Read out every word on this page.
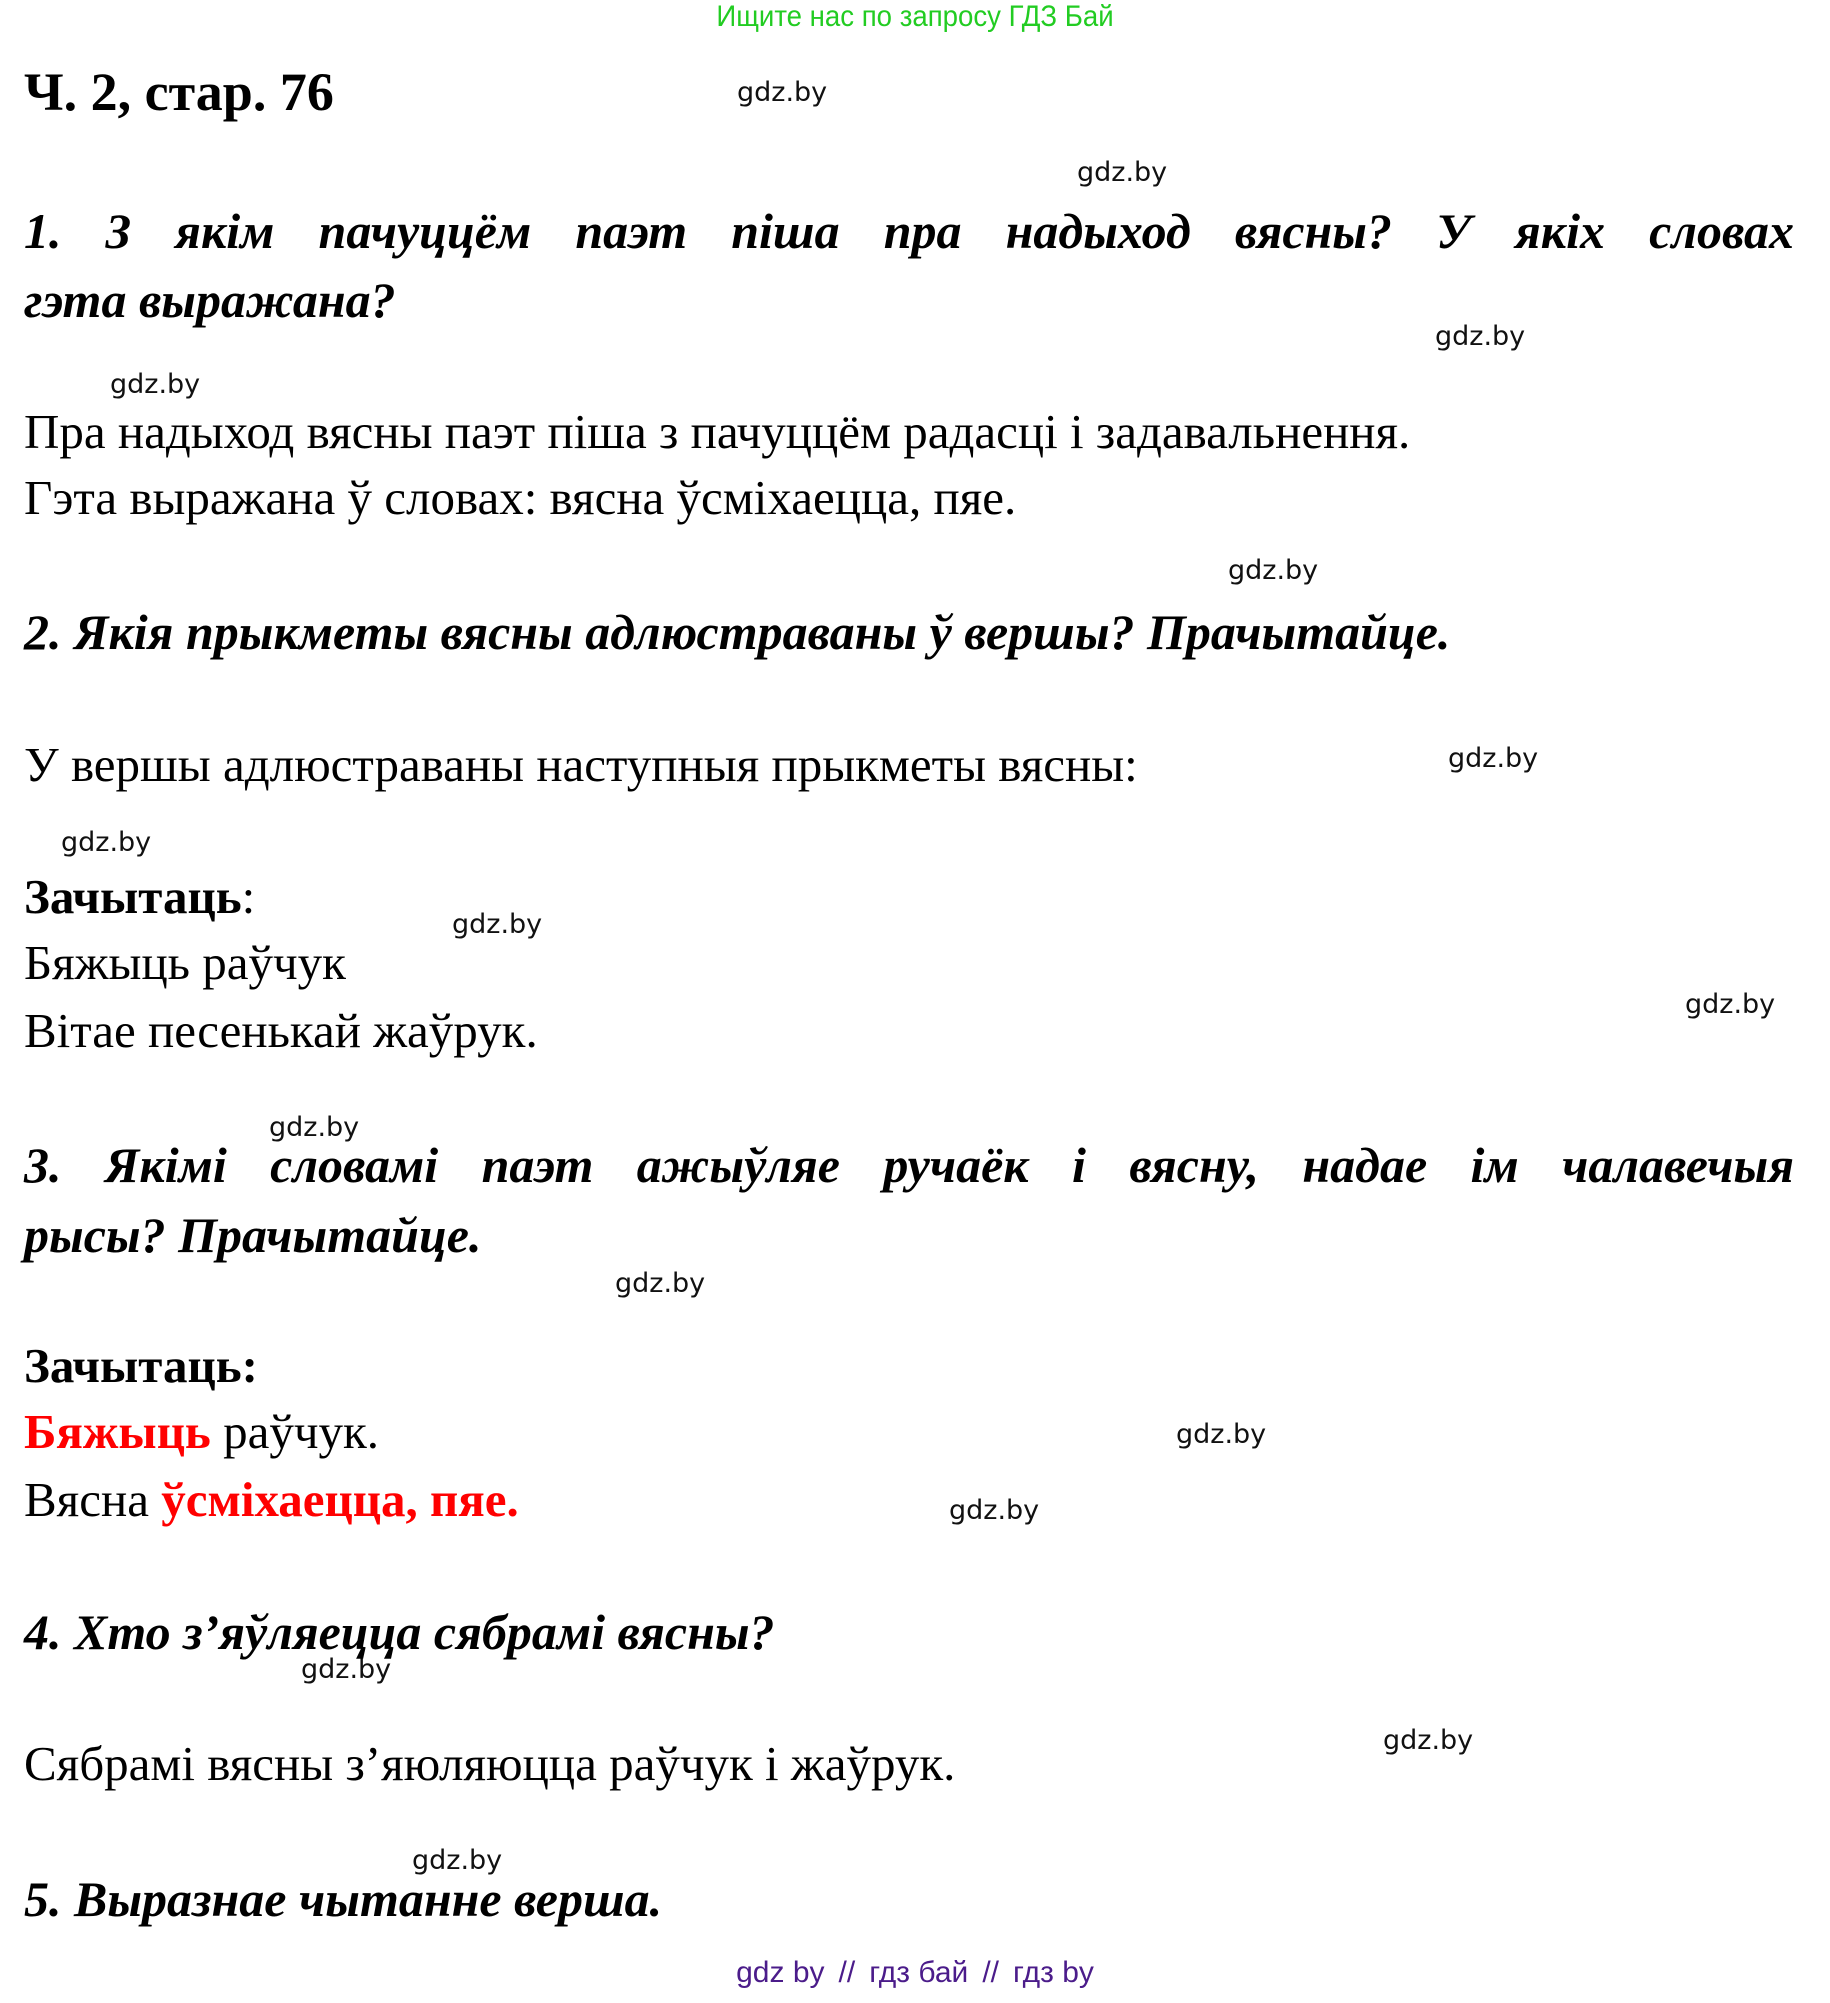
Ищите нас по запросу ГДЗ Бай
Ч. 2, стар. 76	gdz.by
gdz.by
gdz.by
gdz.by
gdz.by
gdz.by
gdz.by
gdz.by
gdz.by
gdz.by
gdz.by
gdz.by
gdz.by
gdz.by
gdz.by
gdz.by
1. З якім пачуццём паэт піша пра надыход вясны? У якіх словах
гэта выражана?
Пра надыход вясны паэт піша з пачуццём радасці і задавальнення.
Гэта выражана ў словах: вясна ўсміхаецца, пяе.
2. Якія прыкметы вясны адлюстраваны ў вершы? Прачытайце.
У вершы адлюстраваны наступныя прыкметы вясны:
Зачытаць:
Бяжыць раўчук
Вітае песенькай жаўрук.
3. Якімі словамі паэт ажыўляе ручаёк і вясну, надае ім чалавечыя
рысы? Прачытайце.
Зачытаць:
Бяжыць раўчук.
Вясна ўсміхаецца, пяе.
4. Хто з’яўляецца сябрамі вясны?
Сябрамі вясны з’яюляюцца раўчук і жаўрук.
5. Выразнае чытанне верша.
gdz by // гдз бай // гдз by
